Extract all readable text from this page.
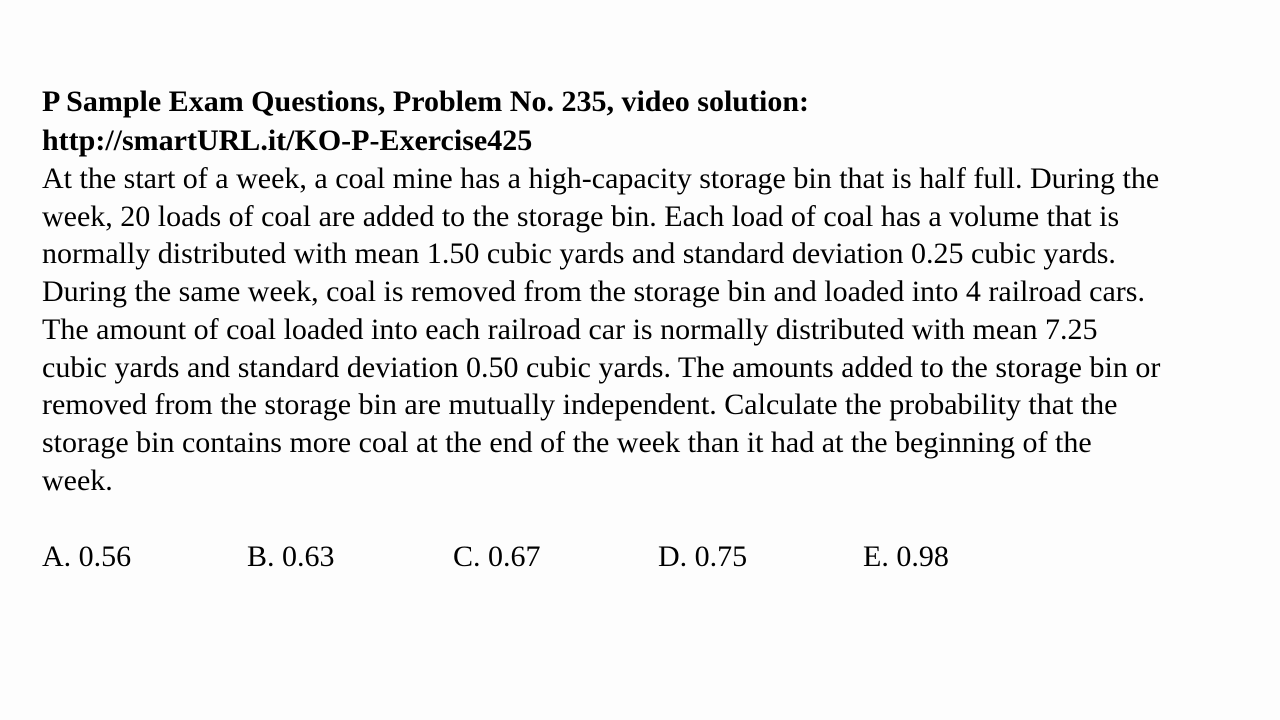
P Sample Exam Questions, Problem No. 235, video solution:

http://smartURL.it/KO-P-Exercise425

At the start of a week, a coal mine has a high-capacity storage bin that is half full. During the

week, 20 loads of coal are added to the storage bin. Each load of coal has a volume that is

normally distributed with mean 1.50 cubic yards and standard deviation 0.25 cubic yards.

During the same week, coal is removed from the storage bin and loaded into 4 railroad cars.

The amount of coal loaded into each railroad car is normally distributed with mean 7.25

cubic yards and standard deviation 0.50 cubic yards. The amounts added to the storage bin or

removed from the storage bin are mutually independent. Calculate the probability that the

storage bin contains more coal at the end of the week than it had at the beginning of the

week.

A. 0.56	B. 0.63	C. 0.67	D. 0.75	E. 0.98
